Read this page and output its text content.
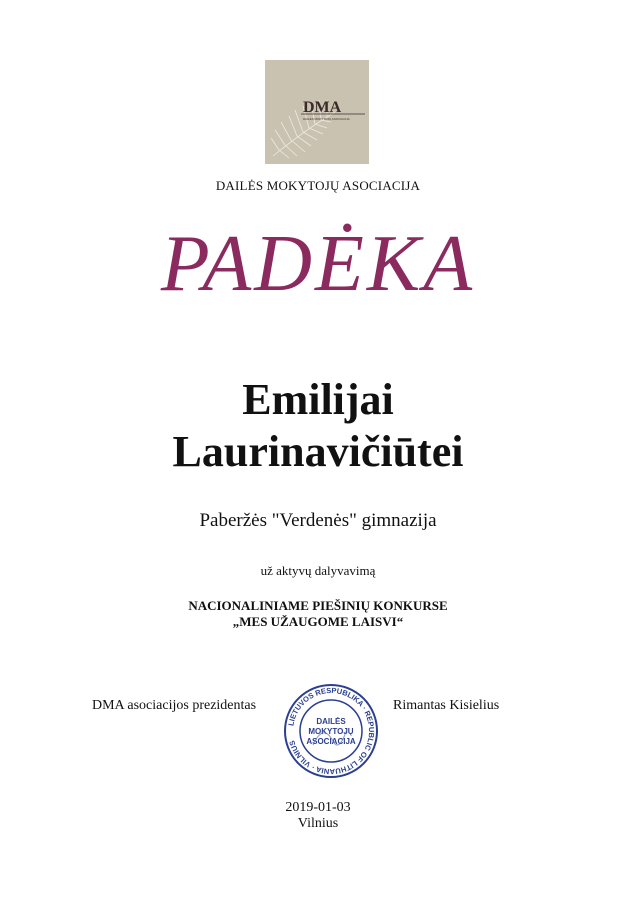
DMA
DAILĖS MOKYTOJŲ ASOCIACIJA
DAILĖS MOKYTOJŲ ASOCIACIJA
PADĖKA
Emilijai
Laurinavičiūtei
Paberžės "Verdenės" gimnazija
už aktyvų dalyvavimą
NACIONALINIAME PIEŠINIŲ KONKURSE
„MES UŽAUGOME LAISVI“
DMA asociacijos prezidentas
LIETUVOS RESPUBLIKA · REPUBLIC OF LITHUANIA · VILNIUS
DAILĖS
MOKYTOJŲ
ASOCIACIJA
Rimantas Kisielius
2019-01-03
Vilnius
